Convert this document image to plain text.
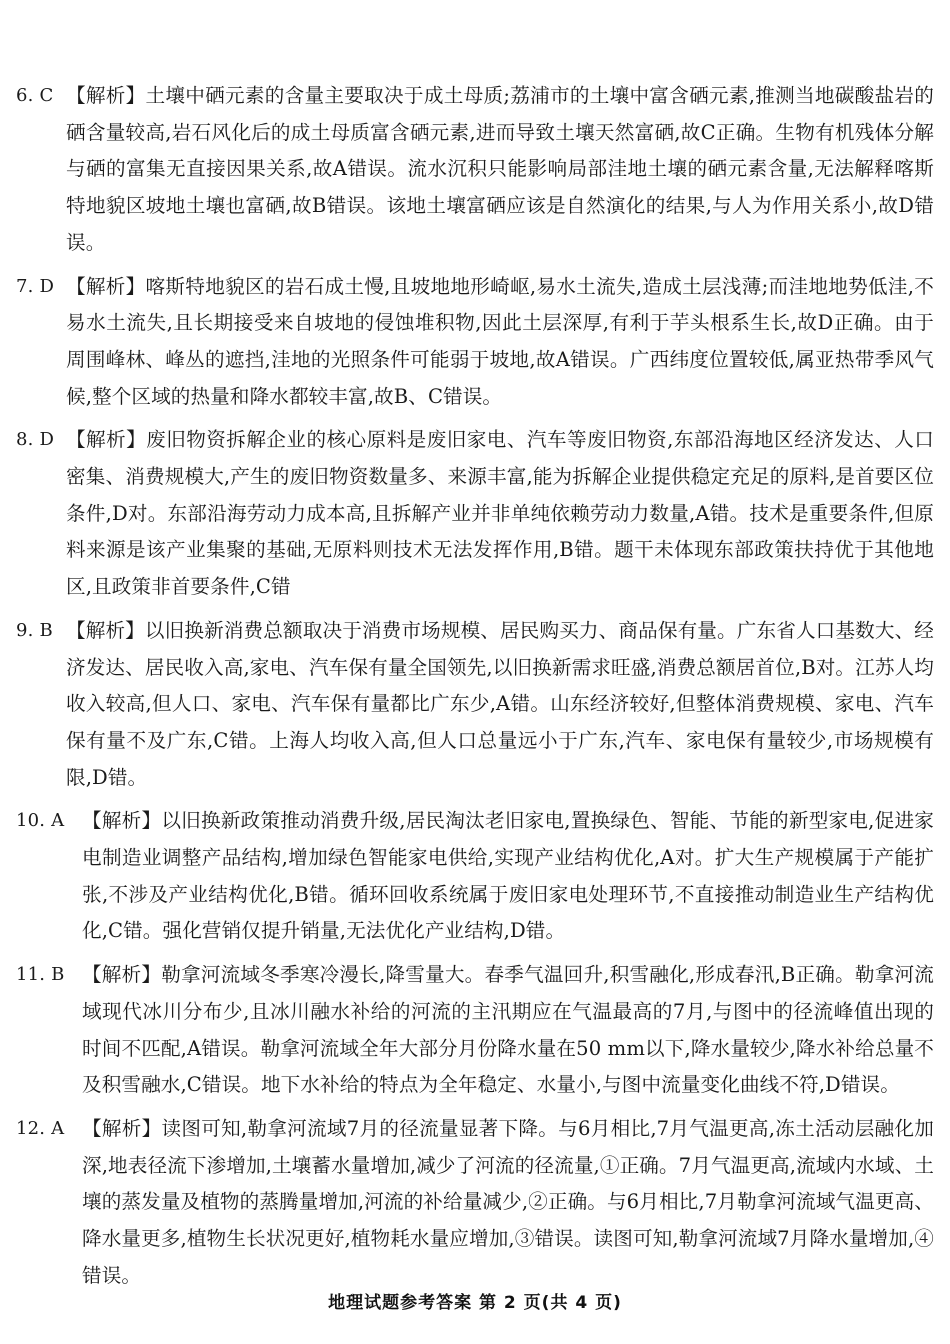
6. C 【解析】土壤中硒元素的含量主要取决于成土母质;荔浦市的土壤中富含硒元素,推测当地碳酸盐岩的硒含量较高,岩石风化后的成土母质富含硒元素,进而导致土壤天然富硒,故C正确。生物有机残体分解与硒的富集无直接因果关系,故A错误。流水沉积只能影响局部洼地土壤的硒元素含量,无法解释喀斯特地貌区坡地土壤也富硒,故B错误。该地土壤富硒应该是自然演化的结果,与人为作用关系小,故D错误。
7. D 【解析】喀斯特地貌区的岩石成土慢,且坡地地形崎岖,易水土流失,造成土层浅薄;而洼地地势低洼,不易水土流失,且长期接受来自坡地的侵蚀堆积物,因此土层深厚,有利于芋头根系生长,故D正确。由于周围峰林、峰丛的遮挡,洼地的光照条件可能弱于坡地,故A错误。广西纬度位置较低,属亚热带季风气候,整个区域的热量和降水都较丰富,故B、C错误。
8. D 【解析】废旧物资拆解企业的核心原料是废旧家电、汽车等废旧物资,东部沿海地区经济发达、人口密集、消费规模大,产生的废旧物资数量多、来源丰富,能为拆解企业提供稳定充足的原料,是首要区位条件,D对。东部沿海劳动力成本高,且拆解产业并非单纯依赖劳动力数量,A错。技术是重要条件,但原料来源是该产业集聚的基础,无原料则技术无法发挥作用,B错。题干未体现东部政策扶持优于其他地区,且政策非首要条件,C错
9. B 【解析】以旧换新消费总额取决于消费市场规模、居民购买力、商品保有量。广东省人口基数大、经济发达、居民收入高,家电、汽车保有量全国领先,以旧换新需求旺盛,消费总额居首位,B对。江苏人均收入较高,但人口、家电、汽车保有量都比广东少,A错。山东经济较好,但整体消费规模、家电、汽车保有量不及广东,C错。上海人均收入高,但人口总量远小于广东,汽车、家电保有量较少,市场规模有限,D错。
10. A 【解析】以旧换新政策推动消费升级,居民淘汰老旧家电,置换绿色、智能、节能的新型家电,促进家电制造业调整产品结构,增加绿色智能家电供给,实现产业结构优化,A对。扩大生产规模属于产能扩张,不涉及产业结构优化,B错。循环回收系统属于废旧家电处理环节,不直接推动制造业生产结构优化,C错。强化营销仅提升销量,无法优化产业结构,D错。
11. B 【解析】勒拿河流域冬季寒冷漫长,降雪量大。春季气温回升,积雪融化,形成春汛,B正确。勒拿河流域现代冰川分布少,且冰川融水补给的河流的主汛期应在气温最高的7月,与图中的径流峰值出现的时间不匹配,A错误。勒拿河流域全年大部分月份降水量在50 mm以下,降水量较少,降水补给总量不及积雪融水,C错误。地下水补给的特点为全年稳定、水量小,与图中流量变化曲线不符,D错误。
12. A 【解析】读图可知,勒拿河流域7月的径流量显著下降。与6月相比,7月气温更高,冻土活动层融化加深,地表径流下渗增加,土壤蓄水量增加,减少了河流的径流量,①正确。7月气温更高,流域内水域、土壤的蒸发量及植物的蒸腾量增加,河流的补给量减少,②正确。与6月相比,7月勒拿河流域气温更高、降水量更多,植物生长状况更好,植物耗水量应增加,③错误。读图可知,勒拿河流域7月降水量增加,④错误。
地理试题参考答案 第 2 页(共 4 页)
